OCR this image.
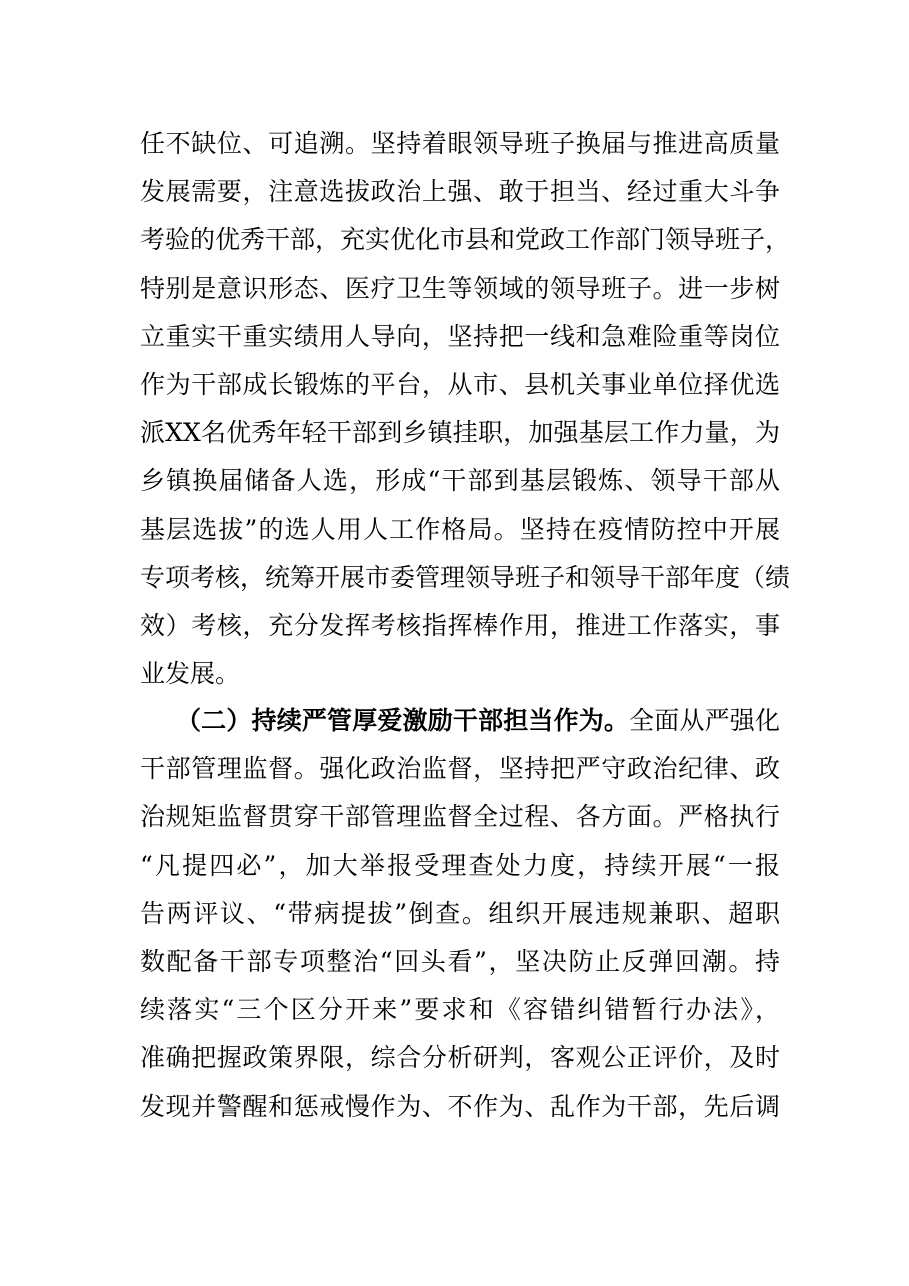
任不缺位、可追溯。坚持着眼领导班子换届与推进高质量
发展需要，注意选拔政治上强、敢于担当、经过重大斗争
考验的优秀干部，充实优化市县和党政工作部门领导班子，
特别是意识形态、医疗卫生等领域的领导班子。进一步树
立重实干重实绩用人导向，坚持把一线和急难险重等岗位
作为干部成长锻炼的平台，从市、县机关事业单位择优选
派XX名优秀年轻干部到乡镇挂职，加强基层工作力量，为
乡镇换届储备人选，形成“干部到基层锻炼、领导干部从
基层选拔”的选人用人工作格局。坚持在疫情防控中开展
专项考核，统筹开展市委管理领导班子和领导干部年度（绩
效）考核，充分发挥考核指挥棒作用，推进工作落实，事
业发展。
（二）持续严管厚爱激励干部担当作为。全面从严强化
干部管理监督。强化政治监督，坚持把严守政治纪律、政
治规矩监督贯穿干部管理监督全过程、各方面。严格执行
“凡提四必”，加大举报受理查处力度，持续开展“一报
告两评议、“带病提拔”倒查。组织开展违规兼职、超职
数配备干部专项整治“回头看”，坚决防止反弹回潮。持
续落实“三个区分开来”要求和《容错纠错暂行办法》，
准确把握政策界限，综合分析研判，客观公正评价，及时
发现并警醒和惩戒慢作为、不作为、乱作为干部，先后调
